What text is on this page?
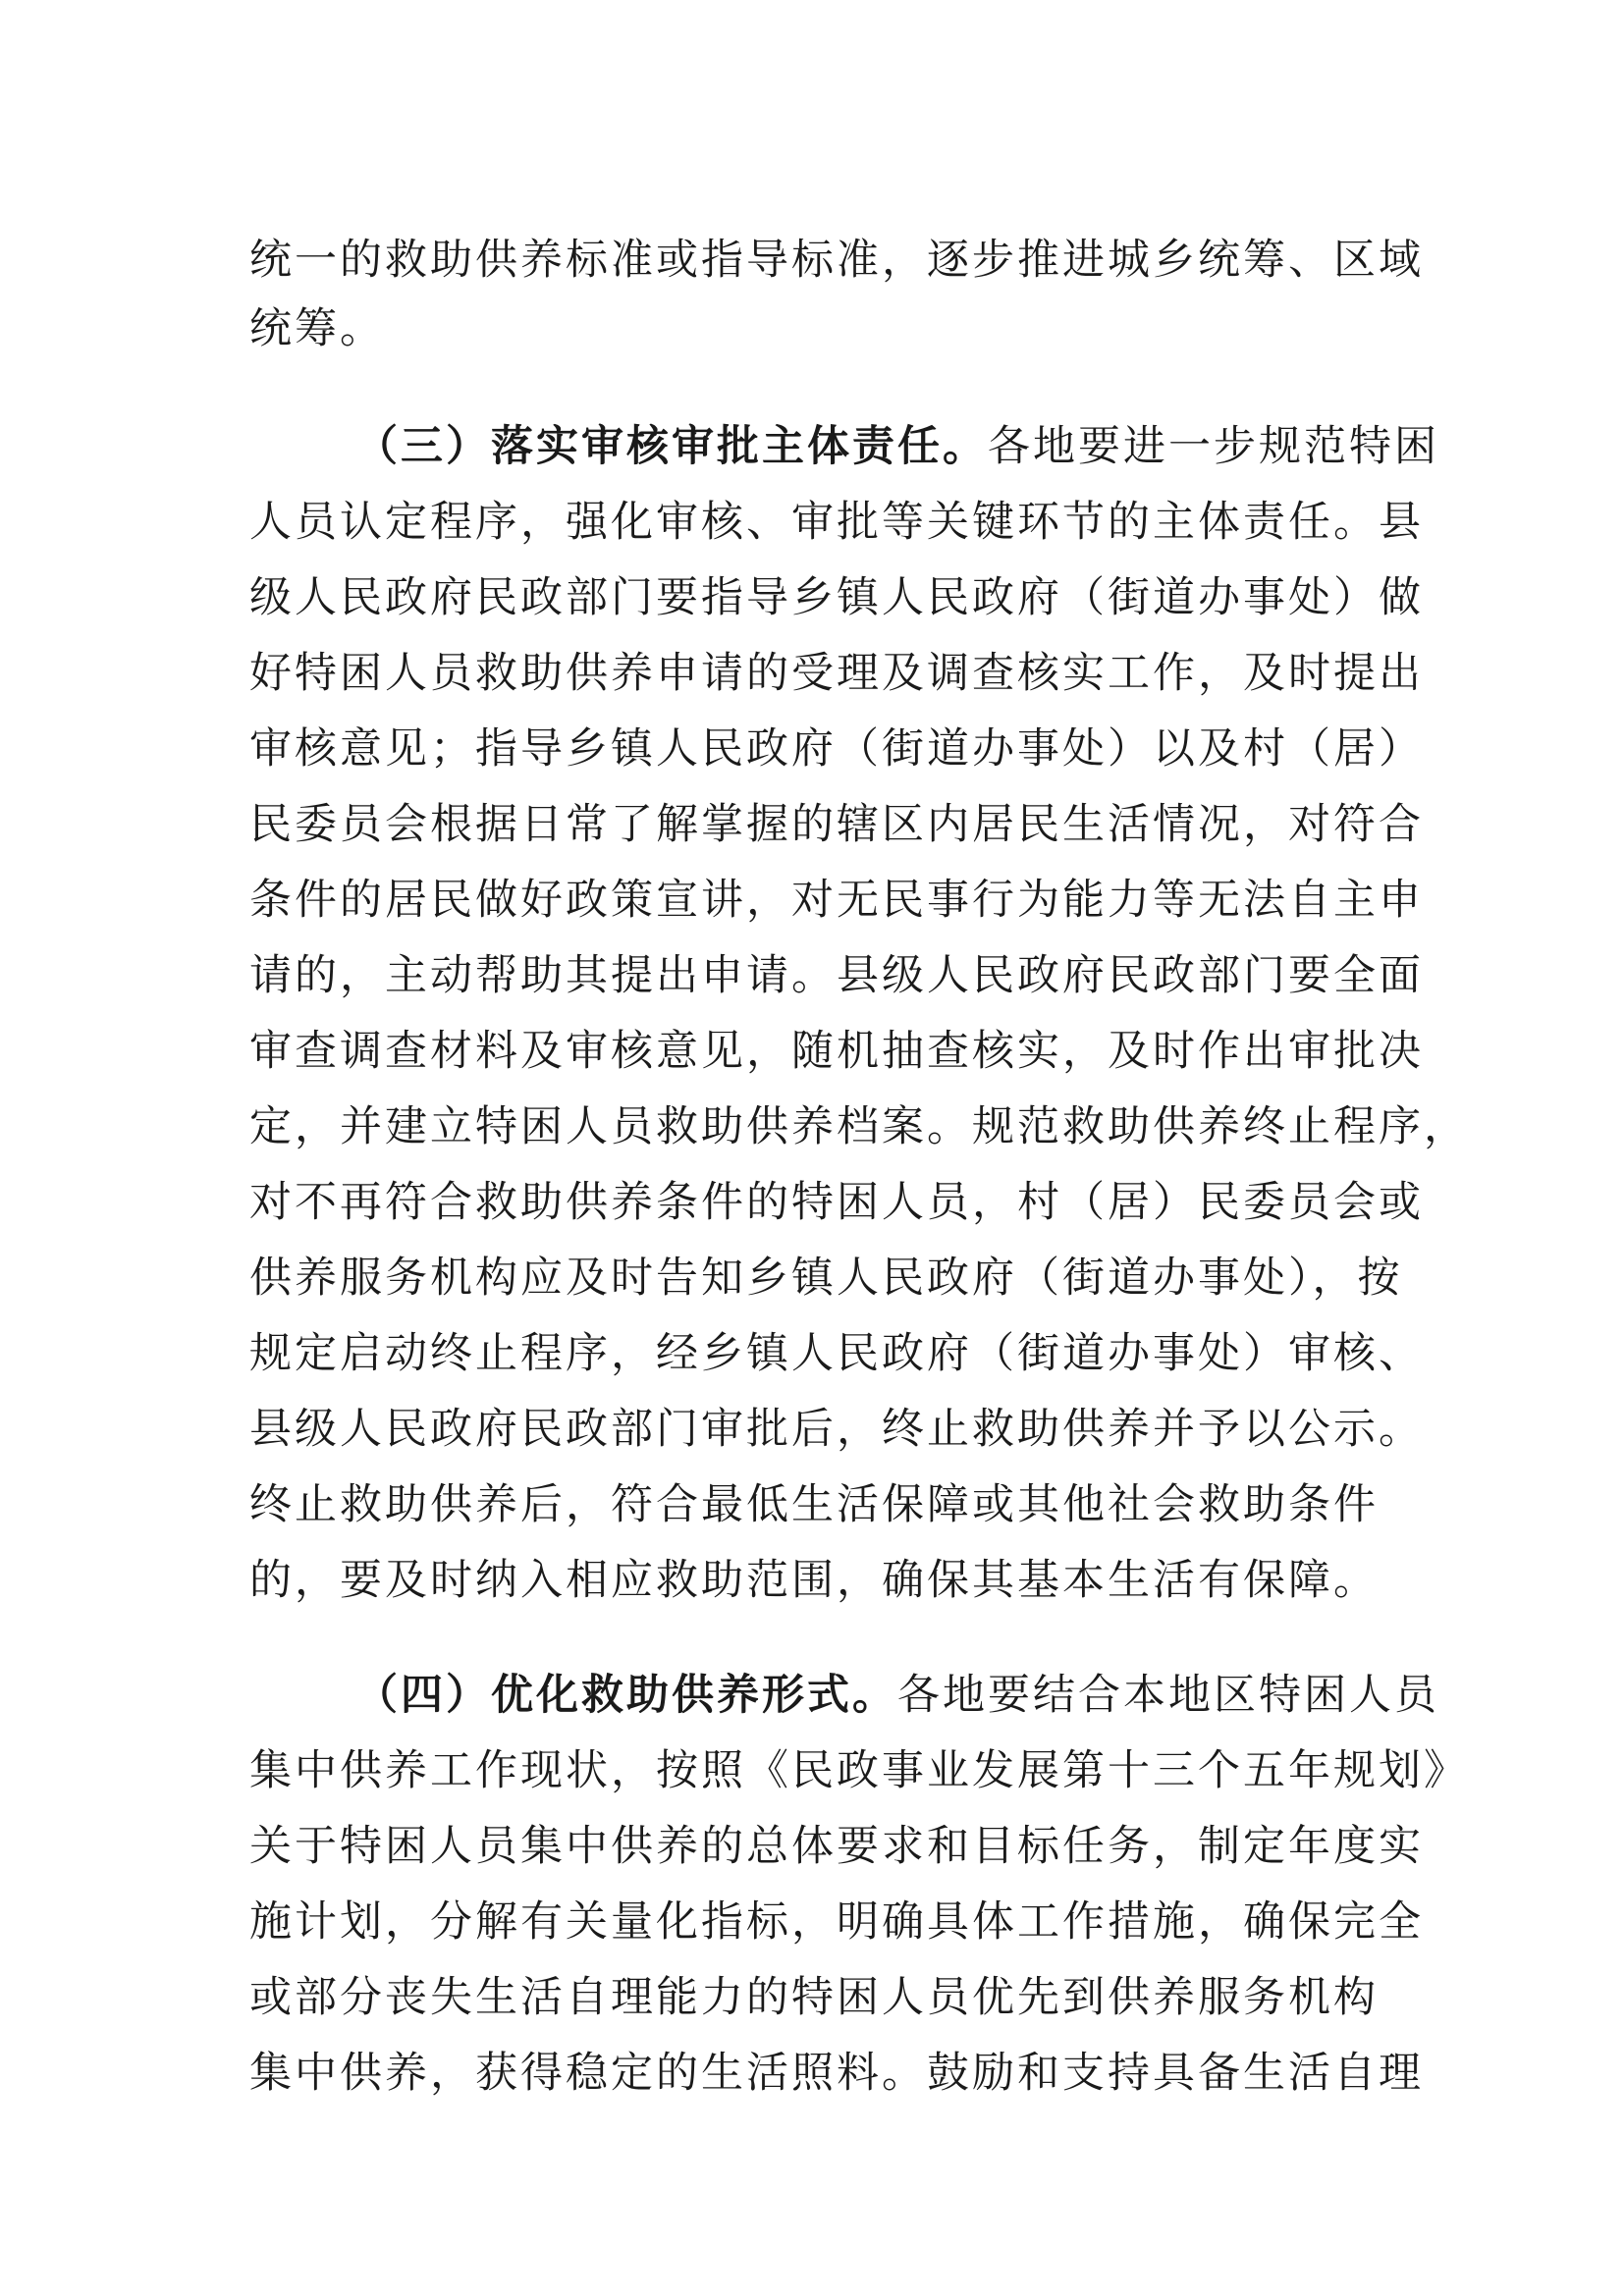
统一的救助供养标准或指导标准，逐步推进城乡统筹、区域
统筹。
（三）落实审核审批主体责任。各地要进一步规范特困
人员认定程序，强化审核、审批等关键环节的主体责任。县
级人民政府民政部门要指导乡镇人民政府（街道办事处）做
好特困人员救助供养申请的受理及调查核实工作，及时提出
审核意见；指导乡镇人民政府（街道办事处）以及村（居）
民委员会根据日常了解掌握的辖区内居民生活情况，对符合
条件的居民做好政策宣讲，对无民事行为能力等无法自主申
请的，主动帮助其提出申请。县级人民政府民政部门要全面
审查调查材料及审核意见，随机抽查核实，及时作出审批决
定，并建立特困人员救助供养档案。规范救助供养终止程序，
对不再符合救助供养条件的特困人员，村（居）民委员会或
供养服务机构应及时告知乡镇人民政府（街道办事处），按
规定启动终止程序，经乡镇人民政府（街道办事处）审核、
县级人民政府民政部门审批后，终止救助供养并予以公示。
终止救助供养后，符合最低生活保障或其他社会救助条件
的，要及时纳入相应救助范围，确保其基本生活有保障。
（四）优化救助供养形式。各地要结合本地区特困人员
集中供养工作现状，按照《民政事业发展第十三个五年规划》
关于特困人员集中供养的总体要求和目标任务，制定年度实
施计划，分解有关量化指标，明确具体工作措施，确保完全
或部分丧失生活自理能力的特困人员优先到供养服务机构
集中供养，获得稳定的生活照料。鼓励和支持具备生活自理
